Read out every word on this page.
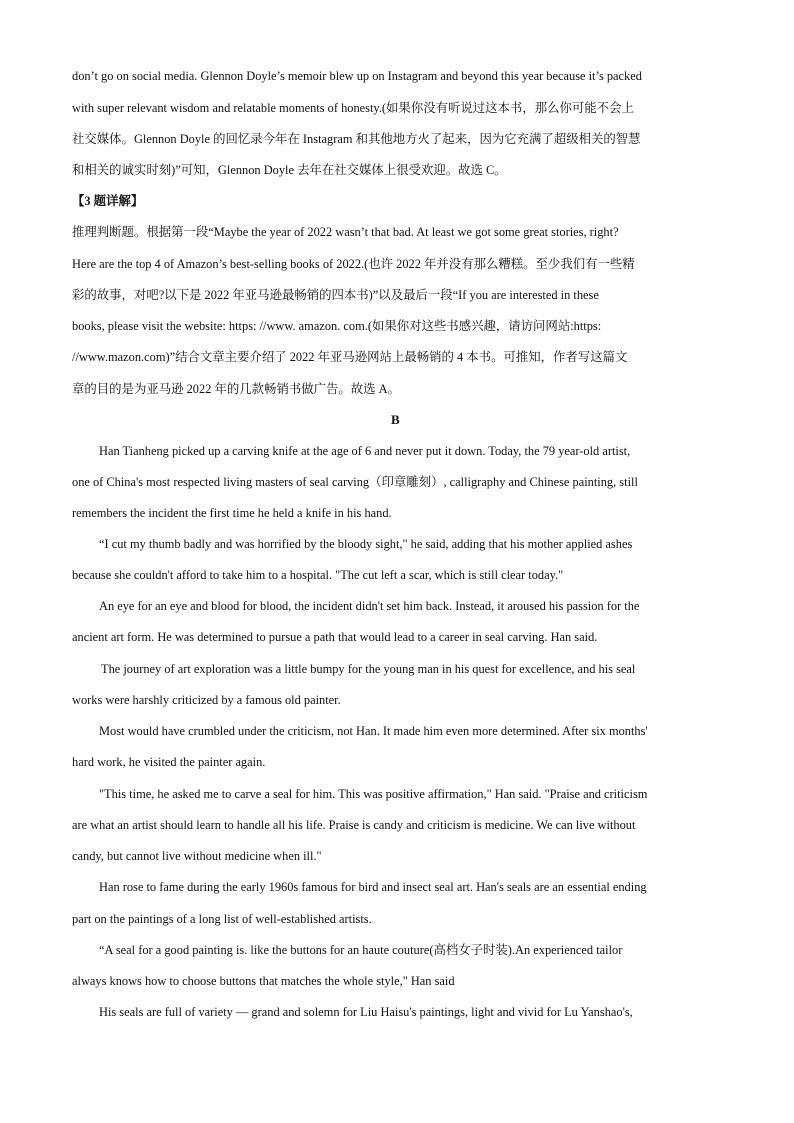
don’t go on social media. Glennon Doyle’s memoir blew up on Instagram and beyond this year because it’s packed
with super relevant wisdom and relatable moments of honesty.(如果你没有听说过这本书，那么你可能不会上
社交媒体。Glennon Doyle 的回忆录今年在 Instagram 和其他地方火了起来，因为它充满了超级相关的智慧
和相关的诚实时刻)”可知，Glennon Doyle 去年在社交媒体上很受欢迎。故选 C。
【3 题详解】
推理判断题。根据第一段“Maybe the year of 2022 wasn’t that bad. At least we got some great stories, right?
Here are the top 4 of Amazon’s best-selling books of 2022.(也许 2022 年并没有那么糟糕。至少我们有一些精
彩的故事，对吧?以下是 2022 年亚马逊最畅销的四本书)”以及最后一段“If you are interested in these
books, please visit the website: https: //www. amazon. com.(如果你对这些书感兴趣，请访问网站:https:
//www.mazon.com)”结合文章主要介绍了 2022 年亚马逊网站上最畅销的 4 本书。可推知，作者写这篇文
章的目的是为亚马逊 2022 年的几款畅销书做广告。故选 A。
B
Han Tianheng picked up a carving knife at the age of 6 and never put it down. Today, the 79 year-old artist,
one of China's most respected living masters of seal carving（印章雕刻）, calligraphy and Chinese painting, still
remembers the incident the first time he held a knife in his hand.
“I cut my thumb badly and was horrified by the bloody sight," he said, adding that his mother applied ashes
because she couldn't afford to take him to a hospital. "The cut left a scar, which is still clear today."
An eye for an eye and blood for blood, the incident didn't set him back. Instead, it aroused his passion for the
ancient art form. He was determined to pursue a path that would lead to a career in seal carving. Han said.
The journey of art exploration was a little bumpy for the young man in his quest for excellence, and his seal
works were harshly criticized by a famous old painter.
Most would have crumbled under the criticism, not Han. It made him even more determined. After six months'
hard work, he visited the painter again.
"This time, he asked me to carve a seal for him. This was positive affirmation," Han said. "Praise and criticism
are what an artist should learn to handle all his life. Praise is candy and criticism is medicine. We can live without
candy, but cannot live without medicine when ill."
Han rose to fame during the early 1960s famous for bird and insect seal art. Han's seals are an essential ending
part on the paintings of a long list of well-established artists.
“A seal for a good painting is. like the buttons for an haute couture(高档女子时装).An experienced tailor
always knows how to choose buttons that matches the whole style," Han said
His seals are full of variety — grand and solemn for Liu Haisu's paintings, light and vivid for Lu Yanshao's,
